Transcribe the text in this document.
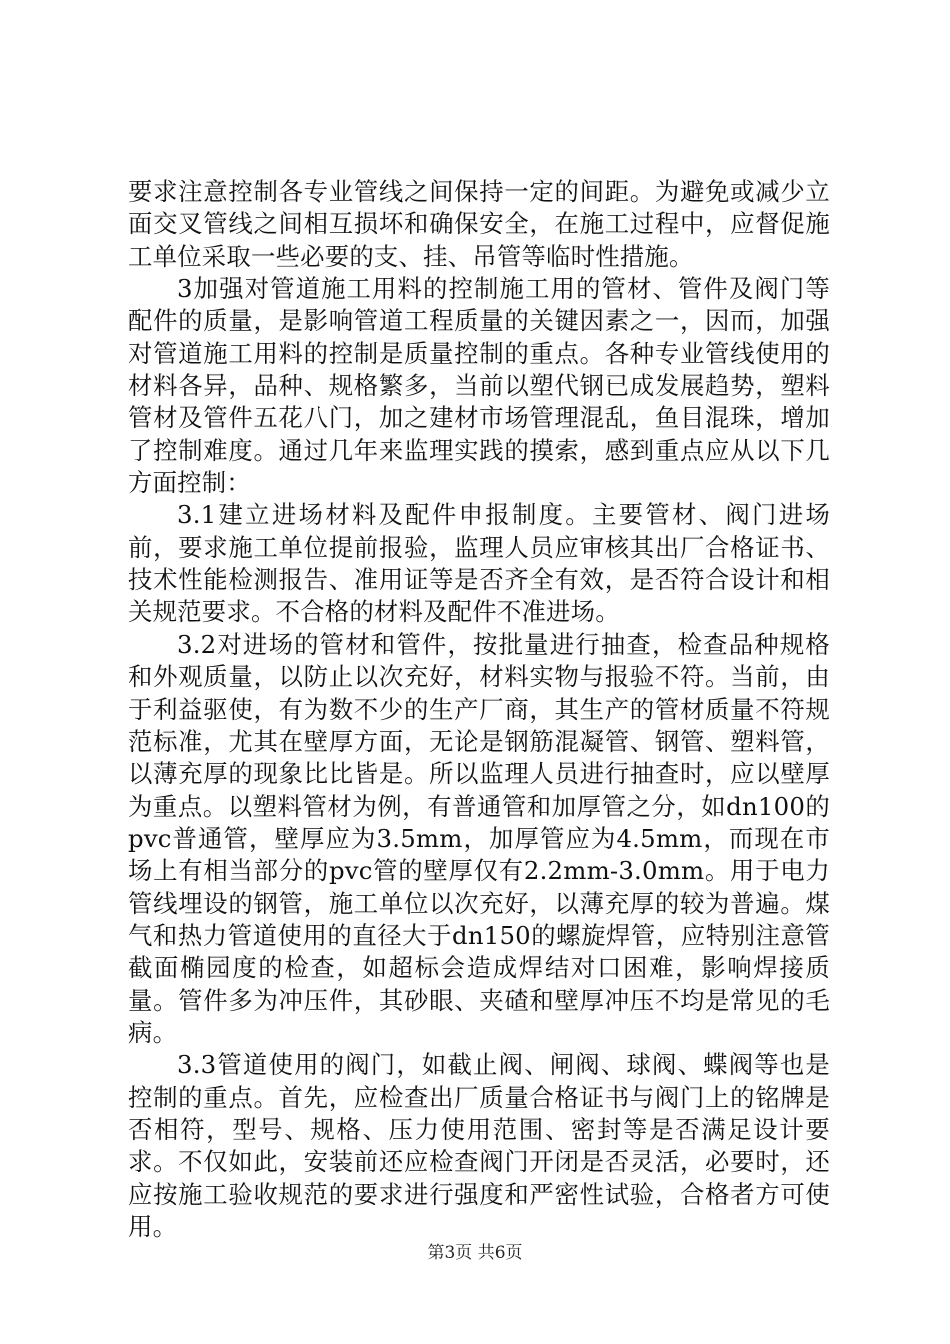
要求注意控制各专业管线之间保持一定的间距。为避免或减少立面交叉管线之间相互损坏和确保安全，在施工过程中，应督促施工单位采取一些必要的支、挂、吊管等临时性措施。

3加强对管道施工用料的控制施工用的管材、管件及阀门等配件的质量，是影响管道工程质量的关键因素之一，因而，加强对管道施工用料的控制是质量控制的重点。各种专业管线使用的材料各异，品种、规格繁多，当前以塑代钢已成发展趋势，塑料管材及管件五花八门，加之建材市场管理混乱，鱼目混珠，增加了控制难度。通过几年来监理实践的摸索，感到重点应从以下几方面控制：

3.1建立进场材料及配件申报制度。主要管材、阀门进场前，要求施工单位提前报验，监理人员应审核其出厂合格证书、技术性能检测报告、准用证等是否齐全有效，是否符合设计和相关规范要求。不合格的材料及配件不准进场。

3.2对进场的管材和管件，按批量进行抽查，检查品种规格和外观质量，以防止以次充好，材料实物与报验不符。当前，由于利益驱使，有为数不少的生产厂商，其生产的管材质量不符规范标准，尤其在壁厚方面，无论是钢筋混凝管、钢管、塑料管，以薄充厚的现象比比皆是。所以监理人员进行抽查时，应以壁厚为重点。以塑料管材为例，有普通管和加厚管之分，如dn100的pvc普通管，壁厚应为3.5mm，加厚管应为4.5mm，而现在市场上有相当部分的pvc管的壁厚仅有2.2mm-3.0mm。用于电力管线埋设的钢管，施工单位以次充好，以薄充厚的较为普遍。煤气和热力管道使用的直径大于dn150的螺旋焊管，应特别注意管截面椭园度的检查，如超标会造成焊结对口困难，影响焊接质量。管件多为冲压件，其砂眼、夹碴和壁厚冲压不均是常见的毛病。

3.3管道使用的阀门，如截止阀、闸阀、球阀、蝶阀等也是控制的重点。首先，应检查出厂质量合格证书与阀门上的铭牌是否相符，型号、规格、压力使用范围、密封等是否满足设计要求。不仅如此，安装前还应检查阀门开闭是否灵活，必要时，还应按施工验收规范的要求进行强度和严密性试验，合格者方可使用。

第3页 共6页
